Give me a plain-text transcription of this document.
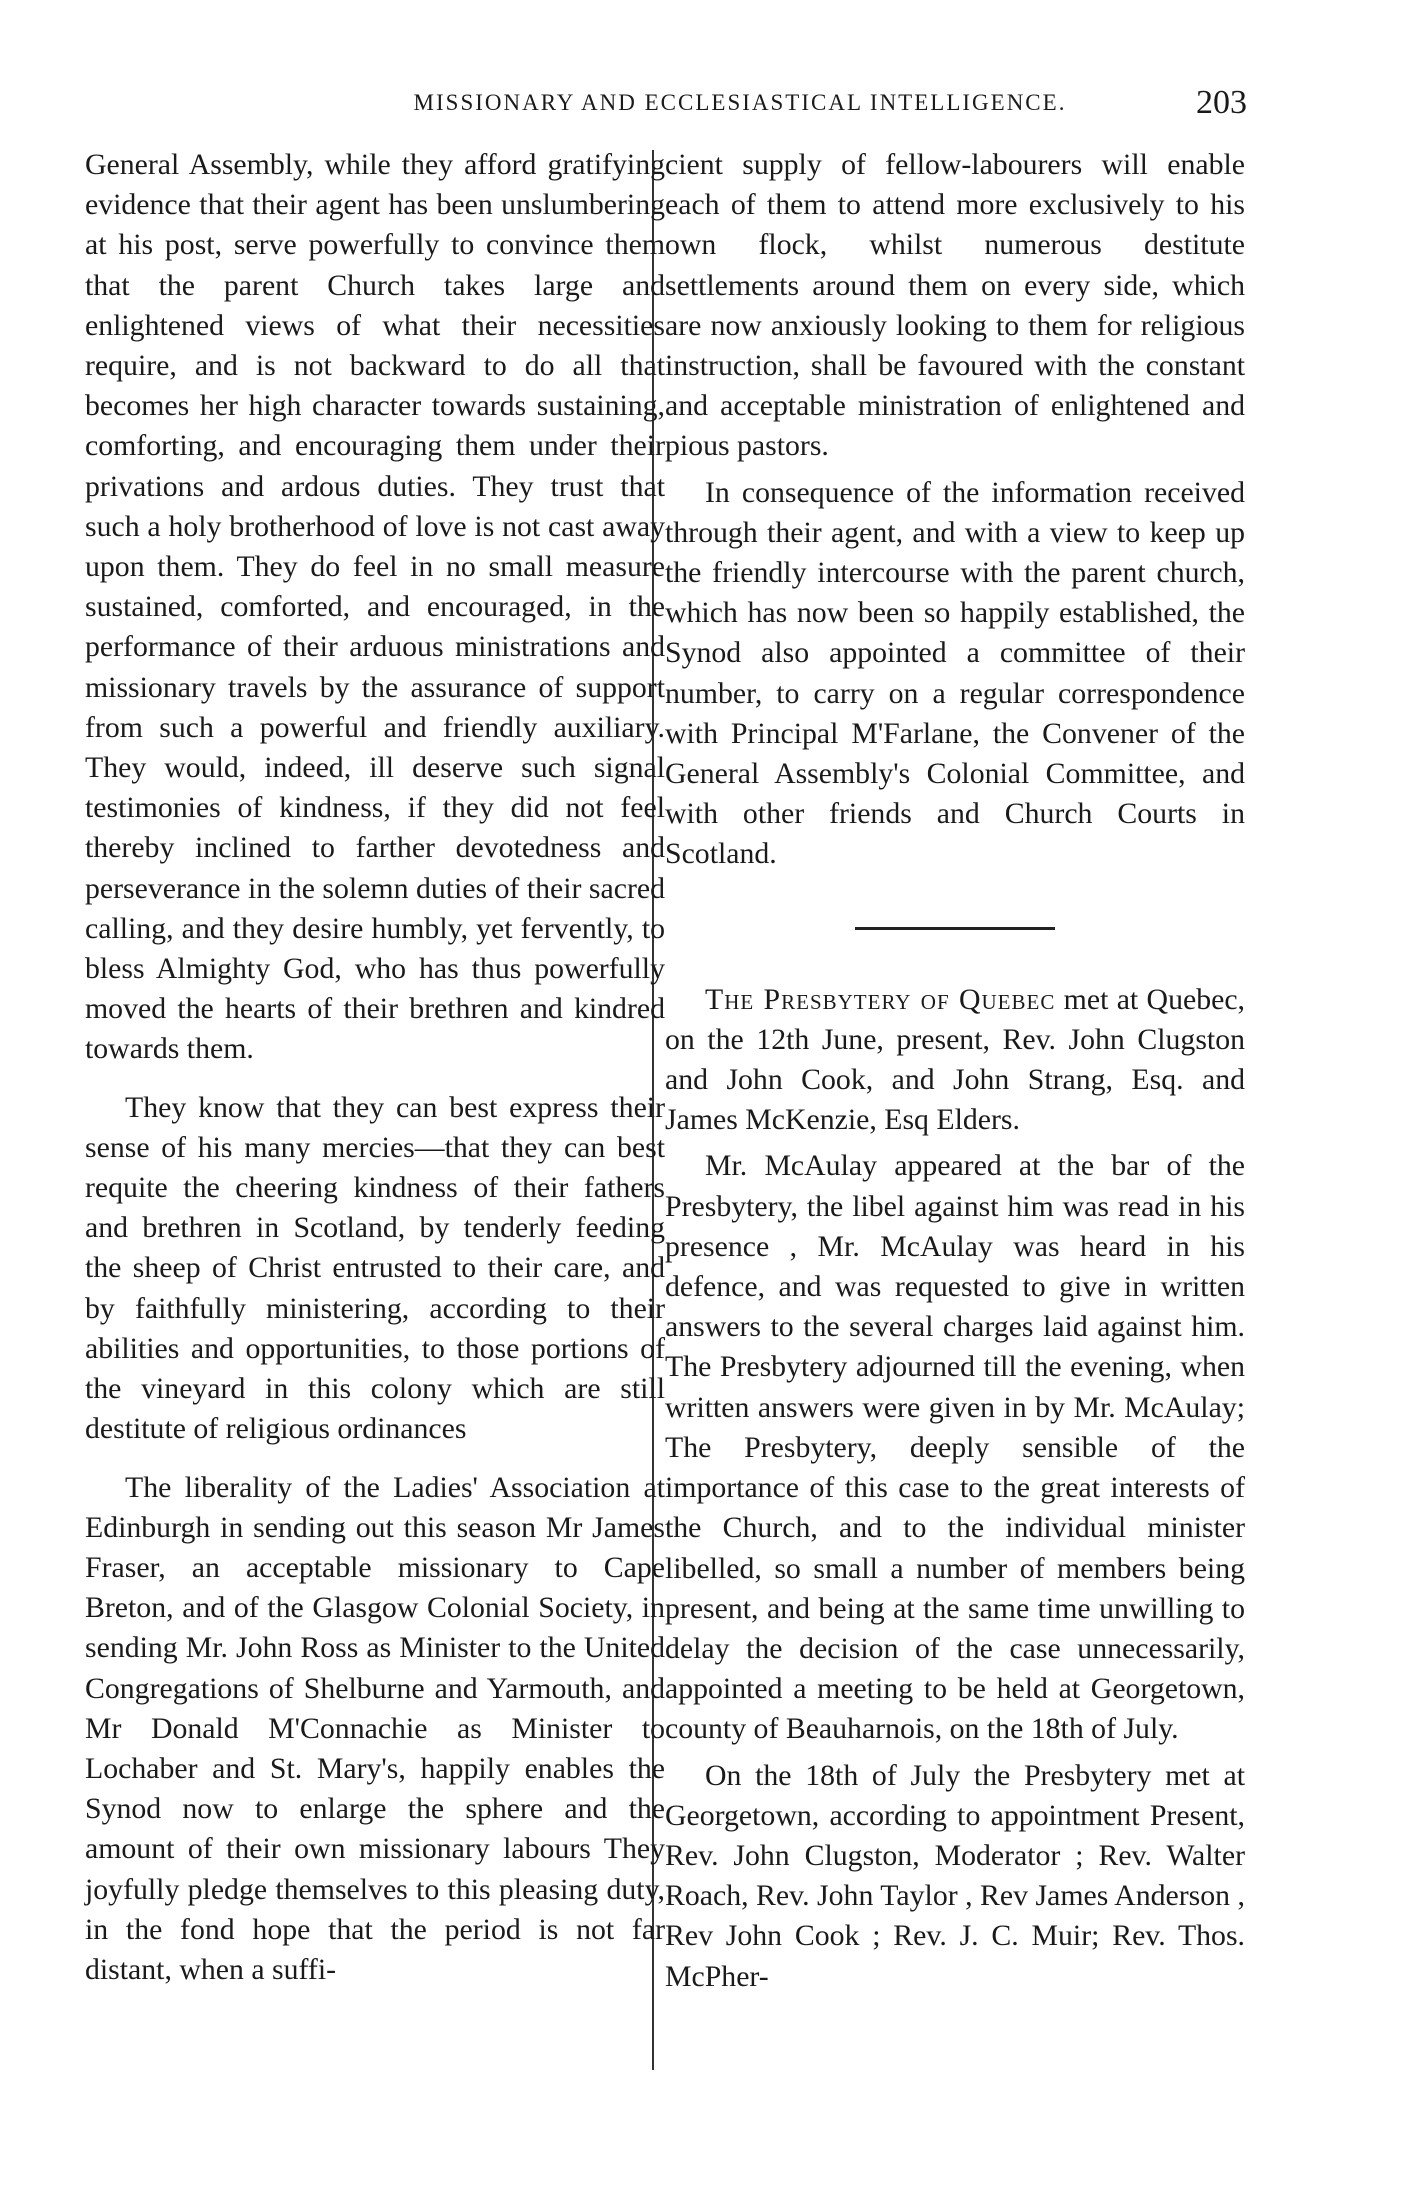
MISSIONARY AND ECCLESIASTICAL INTELLIGENCE.	203

General Assembly, while they afford gratifying evidence that their agent has been unslumbering at his post, serve powerfully to convince them that the parent Church takes large and enlightened views of what their necessities require, and is not backward to do all that becomes her high character towards sustaining, comforting, and encouraging them under their privations and ardous duties. They trust that such a holy brotherhood of love is not cast away upon them. They do feel in no small measure sustained, comforted, and encouraged, in the performance of their arduous ministrations and missionary travels by the assurance of support from such a powerful and friendly auxiliary. They would, indeed, ill deserve such signal testimonies of kindness, if they did not feel thereby inclined to farther devotedness and perseverance in the solemn duties of their sacred calling, and they desire humbly, yet fervently, to bless Almighty God, who has thus powerfully moved the hearts of their brethren and kindred towards them.

They know that they can best express their sense of his many mercies—that they can best requite the cheering kindness of their fathers and brethren in Scotland, by tenderly feeding the sheep of Christ entrusted to their care, and by faithfully ministering, according to their abilities and opportunities, to those portions of the vineyard in this colony which are still destitute of religious ordinances

The liberality of the Ladies' Association at Edinburgh in sending out this season Mr James Fraser, an acceptable missionary to Cape Breton, and of the Glasgow Colonial Society, in sending Mr. John Ross as Minister to the United Congregations of Shelburne and Yarmouth, and Mr Donald M'Connachie as Minister to Lochaber and St. Mary's, happily enables the Synod now to enlarge the sphere and the amount of their own missionary labours They joyfully pledge themselves to this pleasing duty, in the fond hope that the period is not far distant, when a suffi-

cient supply of fellow-labourers will enable each of them to attend more exclusively to his own flock, whilst numerous destitute settlements around them on every side, which are now anxiously looking to them for religious instruction, shall be favoured with the constant and acceptable ministration of enlightened and pious pastors.

In consequence of the information received through their agent, and with a view to keep up the friendly intercourse with the parent church, which has now been so happily established, the Synod also appointed a committee of their number, to carry on a regular correspondence with Principal M'Farlane, the Convener of the General Assembly's Colonial Committee, and with other friends and Church Courts in Scotland.

The Presbytery of Quebec met at Quebec, on the 12th June, present, Rev. John Clugston and John Cook, and John Strang, Esq. and James McKenzie, Esq Elders.

Mr. McAulay appeared at the bar of the Presbytery, the libel against him was read in his presence , Mr. McAulay was heard in his defence, and was requested to give in written answers to the several charges laid against him. The Presbytery adjourned till the evening, when written answers were given in by Mr. McAulay; The Presbytery, deeply sensible of the importance of this case to the great interests of the Church, and to the individual minister libelled, so small a number of members being present, and being at the same time unwilling to delay the decision of the case unnecessarily, appointed a meeting to be held at Georgetown, county of Beauharnois, on the 18th of July.

On the 18th of July the Presbytery met at Georgetown, according to appointment Present, Rev. John Clugston, Moderator ; Rev. Walter Roach, Rev. John Taylor , Rev James Anderson , Rev John Cook ; Rev. J. C. Muir; Rev. Thos. McPher-
